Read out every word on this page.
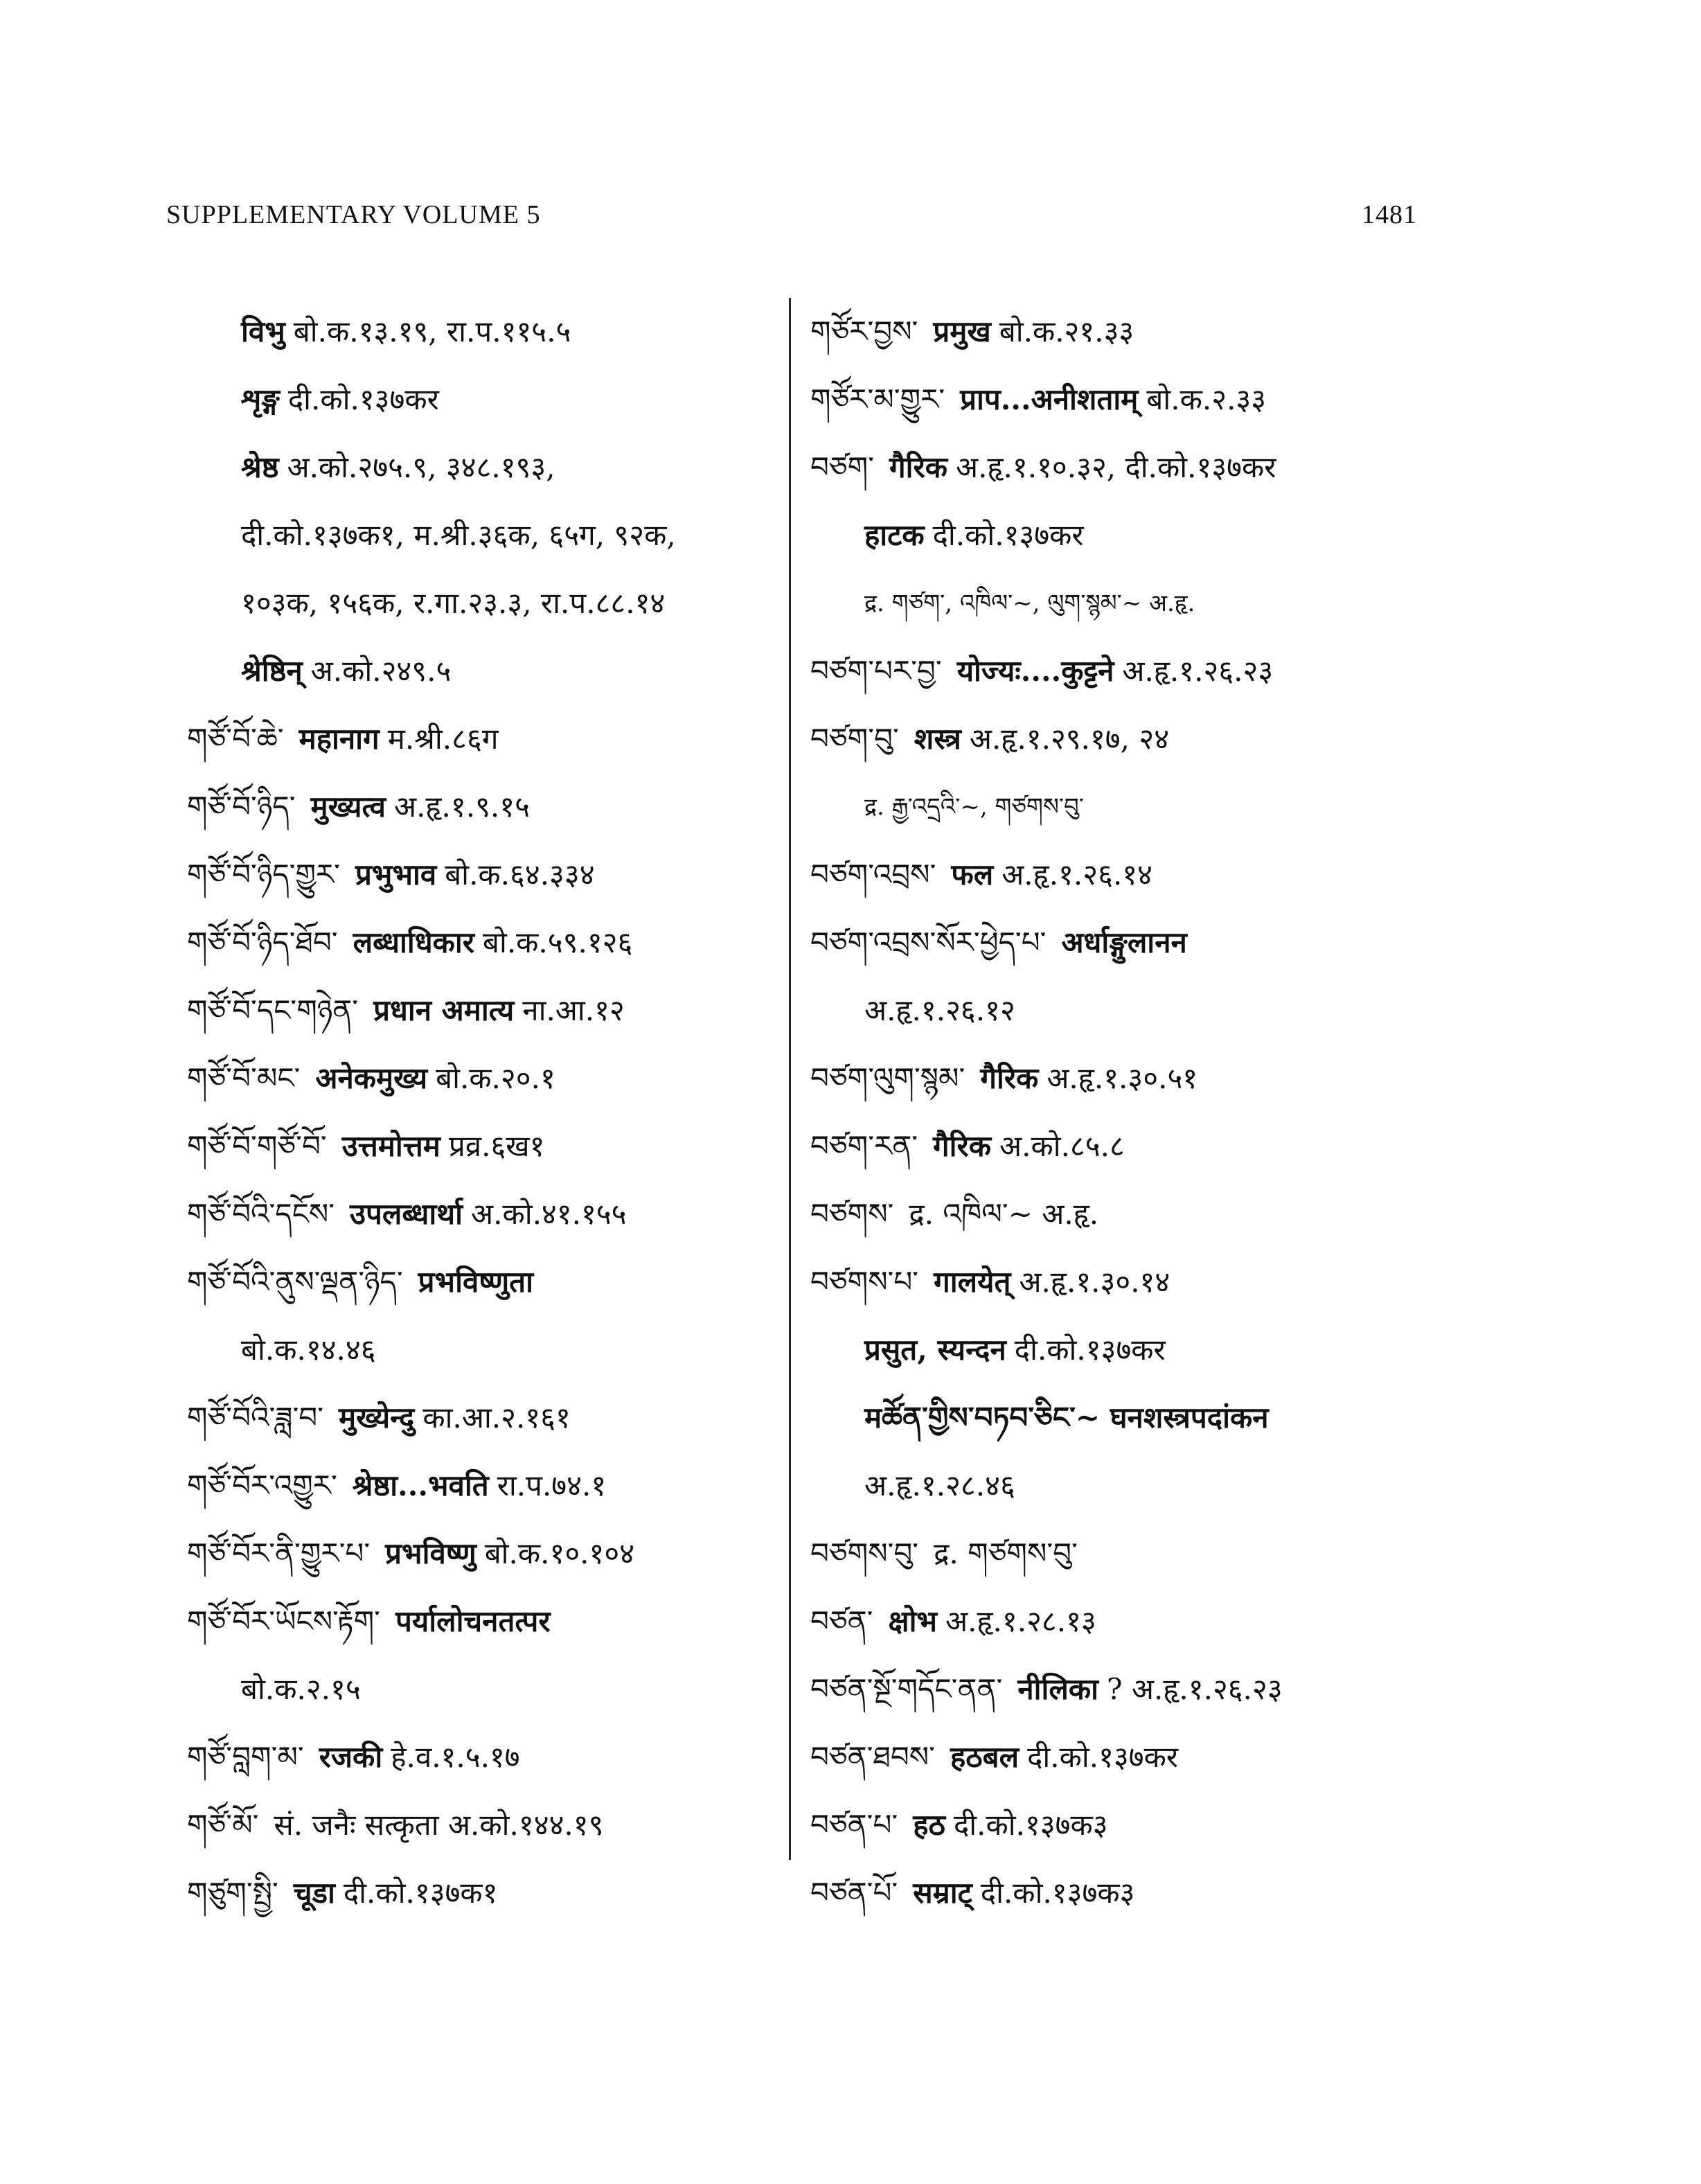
SUPPLEMENTARY VOLUME 5	1481
विभु बो.क.१३.१९, रा.प.११५.५
शृङ्ग दी.को.१३७कर
श्रेष्ठ अ.को.२७५.९, ३४८.१९३,
दी.को.१३७क१, म.श्री.३६क, ६५ग, ९२क,
१०३क, १५६क, र.गा.२३.३, रा.प.८८.१४
श्रेष्ठिन् अ.को.२४९.५
གཙོ་བོ་ཆེ་ महानाग म.श्री.८६ग
གཙོ་བོ་ཉིད་ मुख्यत्व अ.हृ.१.९.१५
གཙོ་བོ་ཉིད་གྱུར་ प्रभुभाव बो.क.६४.३३४
གཙོ་བོ་ཉིད་ཐོབ་ लब्धाधिकार बो.क.५९.१२६
གཙོ་བོ་དང་གཉེན་ प्रधान अमात्य ना.आ.१२
གཙོ་བོ་མང་ अनेकमुख्य बो.क.२०.१
གཙོ་བོ་གཙོ་བོ་ उत्तमोत्तम प्रव्र.६ख१
གཙོ་བོའི་དངོས་ उपलब्धार्था अ.को.४१.१५५
གཙོ་བོའི་ནུས་ལྡན་ཉིད་ प्रभविष्णुता
बो.क.१४.४६
གཙོ་བོའི་ཟླ་བ་ मुख्येन्दु का.आ.२.१६१
གཙོ་བོར་འགྱུར་ श्रेष्ठा...भवति रा.प.७४.१
གཙོ་བོར་ནི་གྱུར་པ་ प्रभविष्णु बो.क.१०.१०४
གཙོ་བོར་ཡོངས་རྟོག་ पर्यालोचनतत्पर
बो.क.२.१५
གཙོ་བླག་མ་ रजकी हे.व.१.५.१७
གཙོ་མོ་ सं. जनैः सत्कृता अ.को.१४४.१९
གཙུག་སྤྱི་ चूडा दी.को.१३७क१
གཙོར་བྱས་ प्रमुख बो.क.२१.३३
གཙོར་མ་གྱུར་ प्राप...अनीशताम् बो.क.२.३३
བཙག་ गैरिक अ.हृ.१.१०.३२, दी.को.१३७कर
हाटक दी.को.१३७कर
द्र. གཙག་, འཁིལ་~, ལུག་སྙམ་~ अ.हृ.
བཙག་པར་བྱ་ योज्यः....कुट्टने अ.हृ.१.२६.२३
བཙག་བུ་ शस्त्र अ.हृ.१.२९.१७, २४
द्र. རྒྱ་འདྲའི་~, གཙགས་བུ་
བཙག་འབྲས་ फल अ.हृ.१.२६.१४
བཙག་འབྲས་སོར་ཕྱེད་པ་ अर्धाङ्गुलानन
अ.हृ.१.२६.१२
བཙག་ལུག་སྙམ་ गैरिक अ.हृ.१.३०.५१
བཙག་རན་ गैरिक अ.को.८५.८
བཙགས་ द्र. འཁིལ་~ अ.हृ.
བཙགས་པ་ गालयेत् अ.हृ.१.३०.१४
प्रसुत, स्यन्दन दी.को.१३७कर
मཚོན་གྱིས་བཏབ་ཅིང་~ घनशस्त्रपदांकन
अ.हृ.१.२८.४६
བཙགས་བུ་ द्र. གཙགས་བུ་
བཙན་ क्षोभ अ.हृ.१.२८.१३
བཙན་སྔོ་གདོང་ནན་ नीलिका ? अ.हृ.१.२६.२३
བཙན་ཐབས་ हठबल दी.को.१३७कर
བཙན་པ་ हठ दी.को.१३७क३
བཙན་པོ་ सम्राट् दी.को.१३७क३
